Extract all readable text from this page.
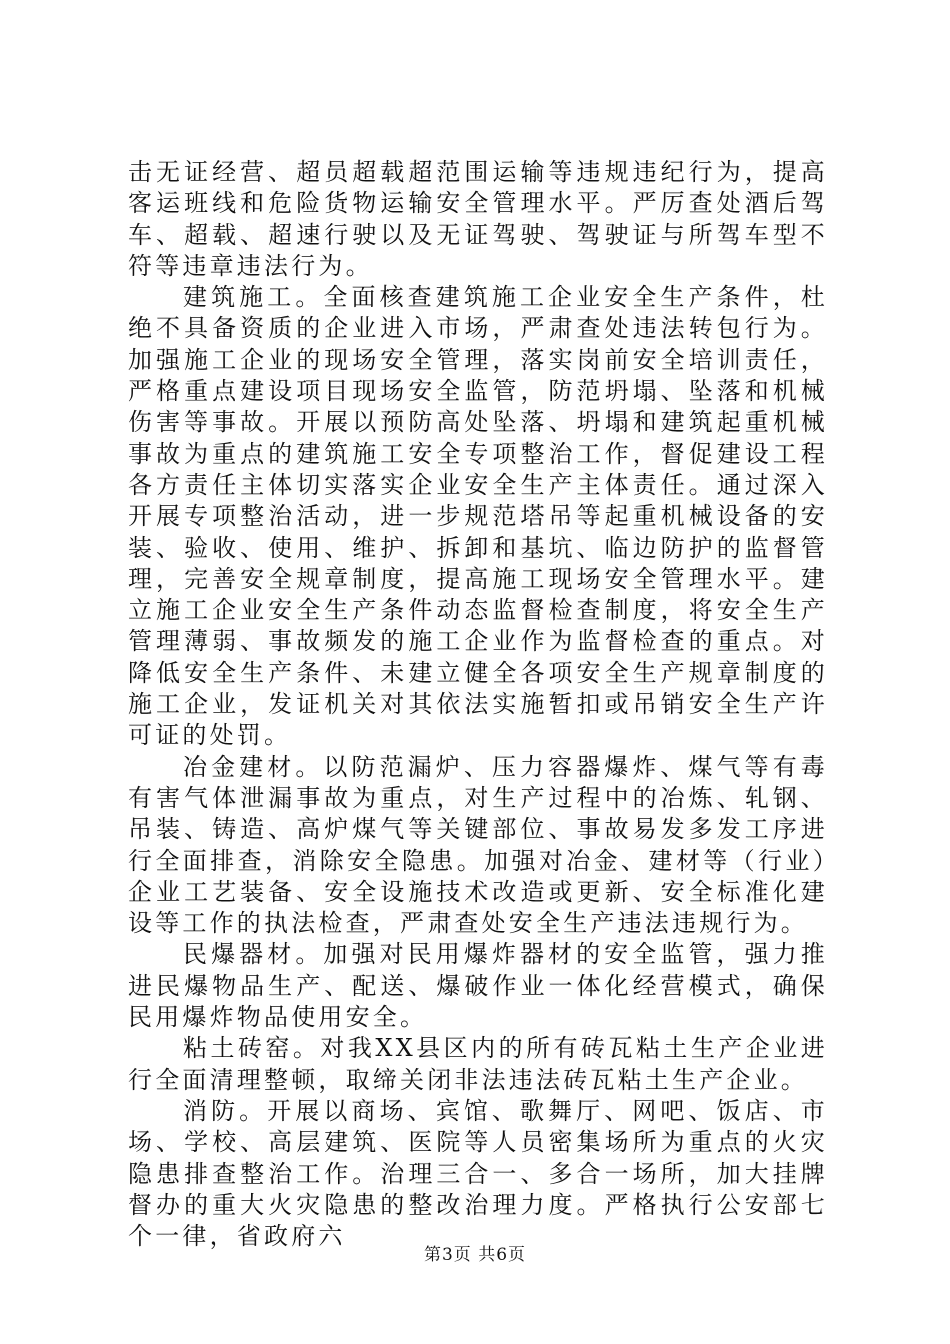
击无证经营、超员超载超范围运输等违规违纪行为，提高客运班线和危险货物运输安全管理水平。严厉查处酒后驾车、超载、超速行驶以及无证驾驶、驾驶证与所驾车型不符等违章违法行为。

建筑施工。全面核查建筑施工企业安全生产条件，杜绝不具备资质的企业进入市场，严肃查处违法转包行为。加强施工企业的现场安全管理，落实岗前安全培训责任，严格重点建设项目现场安全监管，防范坍塌、坠落和机械伤害等事故。开展以预防高处坠落、坍塌和建筑起重机械事故为重点的建筑施工安全专项整治工作，督促建设工程各方责任主体切实落实企业安全生产主体责任。通过深入开展专项整治活动，进一步规范塔吊等起重机械设备的安装、验收、使用、维护、拆卸和基坑、临边防护的监督管理，完善安全规章制度，提高施工现场安全管理水平。建立施工企业安全生产条件动态监督检查制度，将安全生产管理薄弱、事故频发的施工企业作为监督检查的重点。对降低安全生产条件、未建立健全各项安全生产规章制度的施工企业，发证机关对其依法实施暂扣或吊销安全生产许可证的处罚。

冶金建材。以防范漏炉、压力容器爆炸、煤气等有毒有害气体泄漏事故为重点，对生产过程中的冶炼、轧钢、吊装、铸造、高炉煤气等关键部位、事故易发多发工序进行全面排查，消除安全隐患。加强对冶金、建材等（行业）企业工艺装备、安全设施技术改造或更新、安全标准化建设等工作的执法检查，严肃查处安全生产违法违规行为。

民爆器材。加强对民用爆炸器材的安全监管，强力推进民爆物品生产、配送、爆破作业一体化经营模式，确保民用爆炸物品使用安全。

粘土砖窑。对我XX县区内的所有砖瓦粘土生产企业进行全面清理整顿，取缔关闭非法违法砖瓦粘土生产企业。

消防。开展以商场、宾馆、歌舞厅、网吧、饭店、市场、学校、高层建筑、医院等人员密集场所为重点的火灾隐患排查整治工作。治理三合一、多合一场所，加大挂牌督办的重大火灾隐患的整改治理力度。严格执行公安部七个一律，省政府六

第3页 共6页
